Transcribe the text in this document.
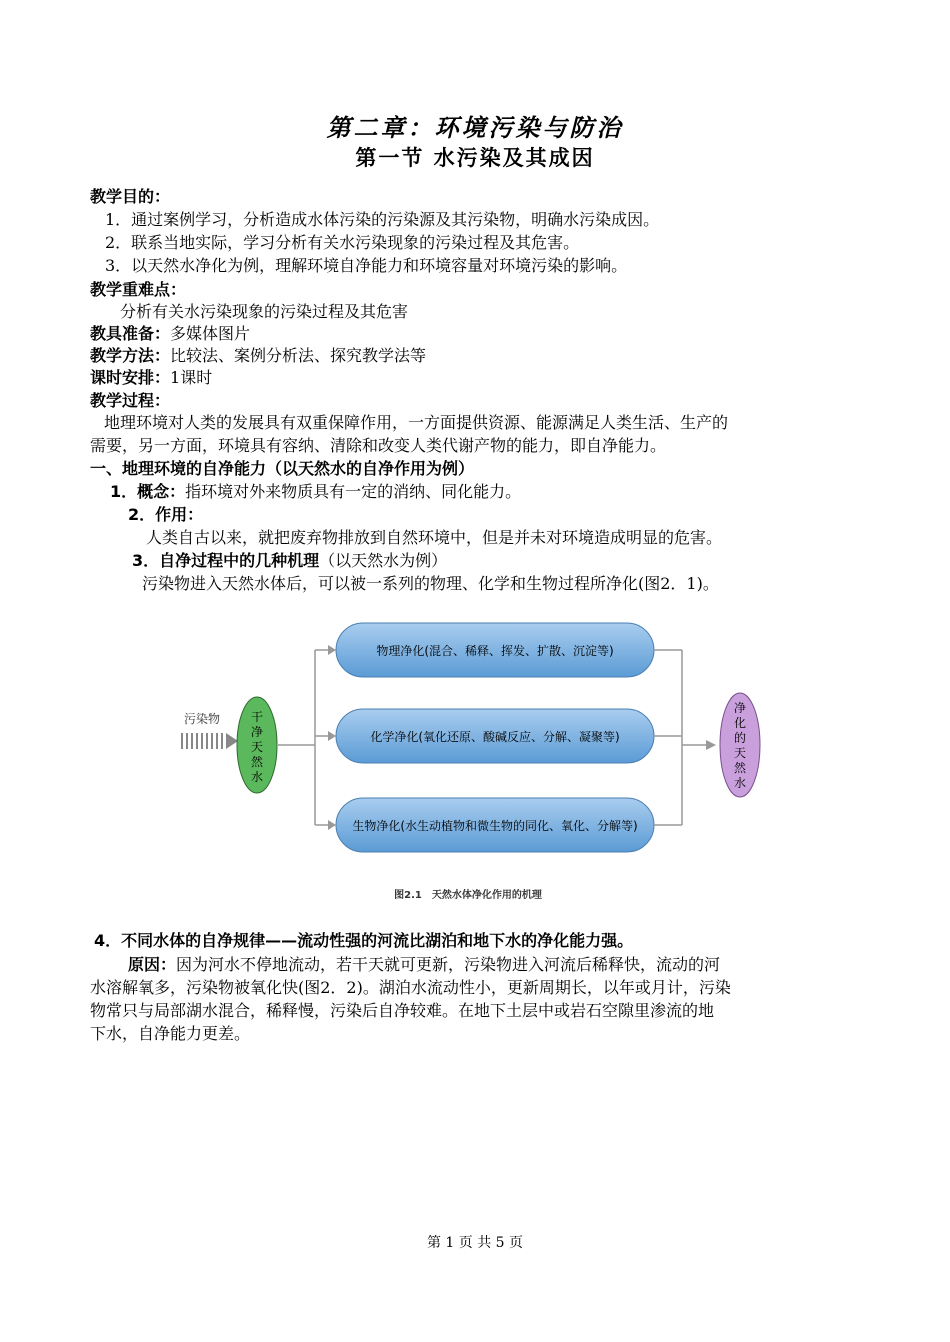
第二章：环境污染与防治
第一节 水污染及其成因
教学目的：
1．通过案例学习，分析造成水体污染的污染源及其污染物，明确水污染成因。
2．联系当地实际，学习分析有关水污染现象的污染过程及其危害。
3．以天然水净化为例，理解环境自净能力和环境容量对环境污染的影响。
教学重难点：
分析有关水污染现象的污染过程及其危害
教具准备：多媒体图片
教学方法：比较法、案例分析法、探究教学法等
课时安排：1课时
教学过程：
地理环境对人类的发展具有双重保障作用，一方面提供资源、能源满足人类生活、生产的
需要，另一方面，环境具有容纳、清除和改变人类代谢产物的能力，即自净能力。
一、地理环境的自净能力（以天然水的自净作用为例）
1．概念：指环境对外来物质具有一定的消纳、同化能力。
2．作用：
人类自古以来，就把废弃物排放到自然环境中，但是并未对环境造成明显的危害。
3．自净过程中的几种机理（以天然水为例）
污染物进入天然水体后，可以被一系列的物理、化学和生物过程所净化(图2．1)。
污染物	干
净
天
然
水
物理净化(混合、稀释、挥发、扩散、沉淀等)
化学净化(氧化还原、酸碱反应、分解、凝聚等)
生物净化(水生动植物和微生物的同化、氧化、分解等)
净
化
的
天
然
水
图2.1　天然水体净化作用的机理
4．不同水体的自净规律——流动性强的河流比湖泊和地下水的净化能力强。
原因：因为河水不停地流动，若干天就可更新，污染物进入河流后稀释快，流动的河
水溶解氧多，污染物被氧化快(图2．2)。湖泊水流动性小，更新周期长，以年或月计，污染
物常只与局部湖水混合，稀释慢，污染后自净较难。在地下土层中或岩石空隙里渗流的地
下水，自净能力更差。
第 1 页 共 5 页
